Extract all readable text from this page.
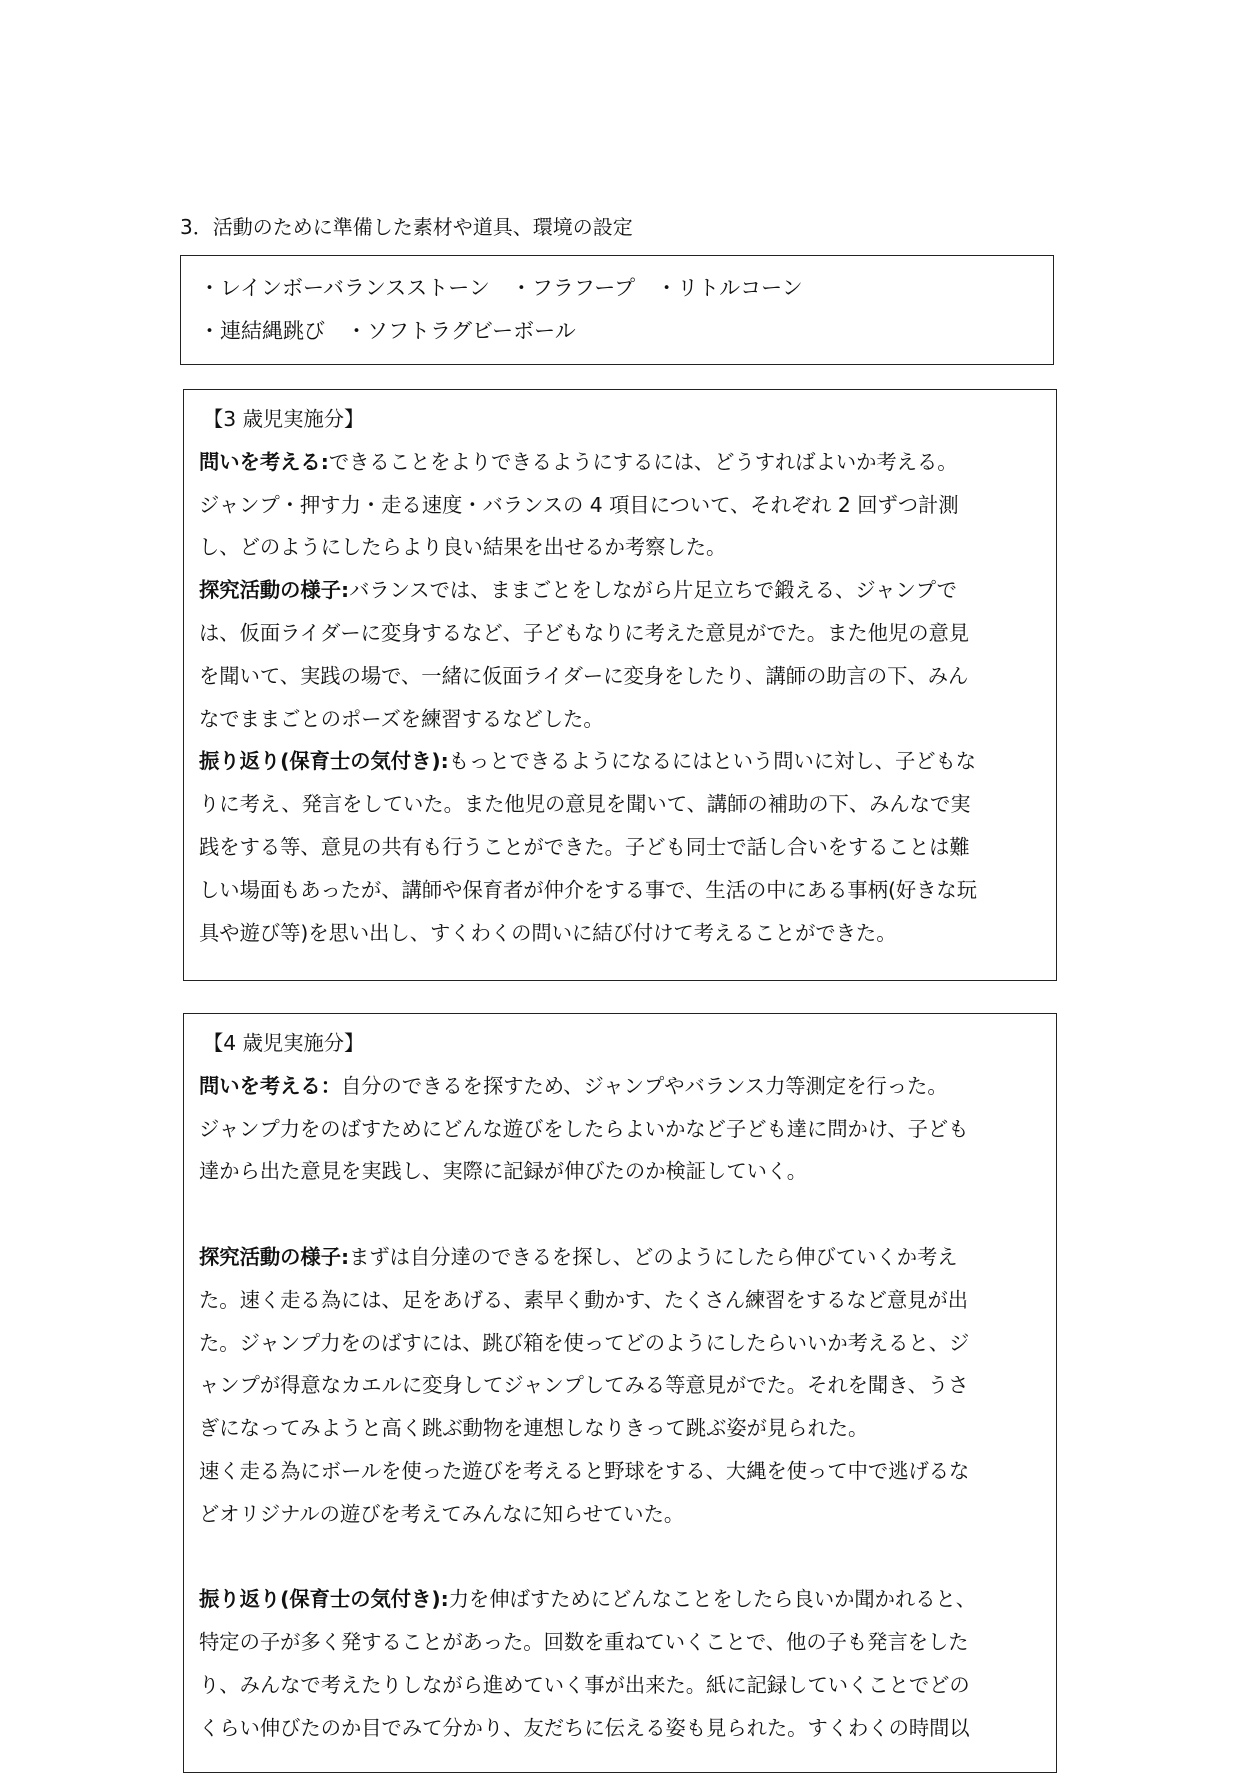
3．活動のために準備した素材や道具、環境の設定
・レインボーバランスストーン　・フラフープ　・リトルコーン
・連結縄跳び　・ソフトラグビーボール
【3 歳児実施分】
問いを考える:できることをよりできるようにするには、どうすればよいか考える。
ジャンプ・押す力・走る速度・バランスの 4 項目について、それぞれ 2 回ずつ計測
し、どのようにしたらより良い結果を出せるか考察した。
探究活動の様子:バランスでは、ままごとをしながら片足立ちで鍛える、ジャンプで
は、仮面ライダーに変身するなど、子どもなりに考えた意見がでた。また他児の意見
を聞いて、実践の場で、一緒に仮面ライダーに変身をしたり、講師の助言の下、みん
なでままごとのポーズを練習するなどした。
振り返り(保育士の気付き):もっとできるようになるにはという問いに対し、子どもな
りに考え、発言をしていた。また他児の意見を聞いて、講師の補助の下、みんなで実
践をする等、意見の共有も行うことができた。子ども同士で話し合いをすることは難
しい場面もあったが、講師や保育者が仲介をする事で、生活の中にある事柄(好きな玩
具や遊び等)を思い出し、すくわくの問いに結び付けて考えることができた。
【4 歳児実施分】
問いを考える：自分のできるを探すため、ジャンプやバランス力等測定を行った。
ジャンプ力をのばすためにどんな遊びをしたらよいかなど子ども達に問かけ、子ども
達から出た意見を実践し、実際に記録が伸びたのか検証していく。
探究活動の様子:まずは自分達のできるを探し、どのようにしたら伸びていくか考え
た。速く走る為には、足をあげる、素早く動かす、たくさん練習をするなど意見が出
た。ジャンプ力をのばすには、跳び箱を使ってどのようにしたらいいか考えると、ジ
ャンプが得意なカエルに変身してジャンプしてみる等意見がでた。それを聞き、うさ
ぎになってみようと高く跳ぶ動物を連想しなりきって跳ぶ姿が見られた。
速く走る為にボールを使った遊びを考えると野球をする、大縄を使って中で逃げるな
どオリジナルの遊びを考えてみんなに知らせていた。
振り返り(保育士の気付き):力を伸ばすためにどんなことをしたら良いか聞かれると、
特定の子が多く発することがあった。回数を重ねていくことで、他の子も発言をした
り、みんなで考えたりしながら進めていく事が出来た。紙に記録していくことでどの
くらい伸びたのか目でみて分かり、友だちに伝える姿も見られた。すくわくの時間以
